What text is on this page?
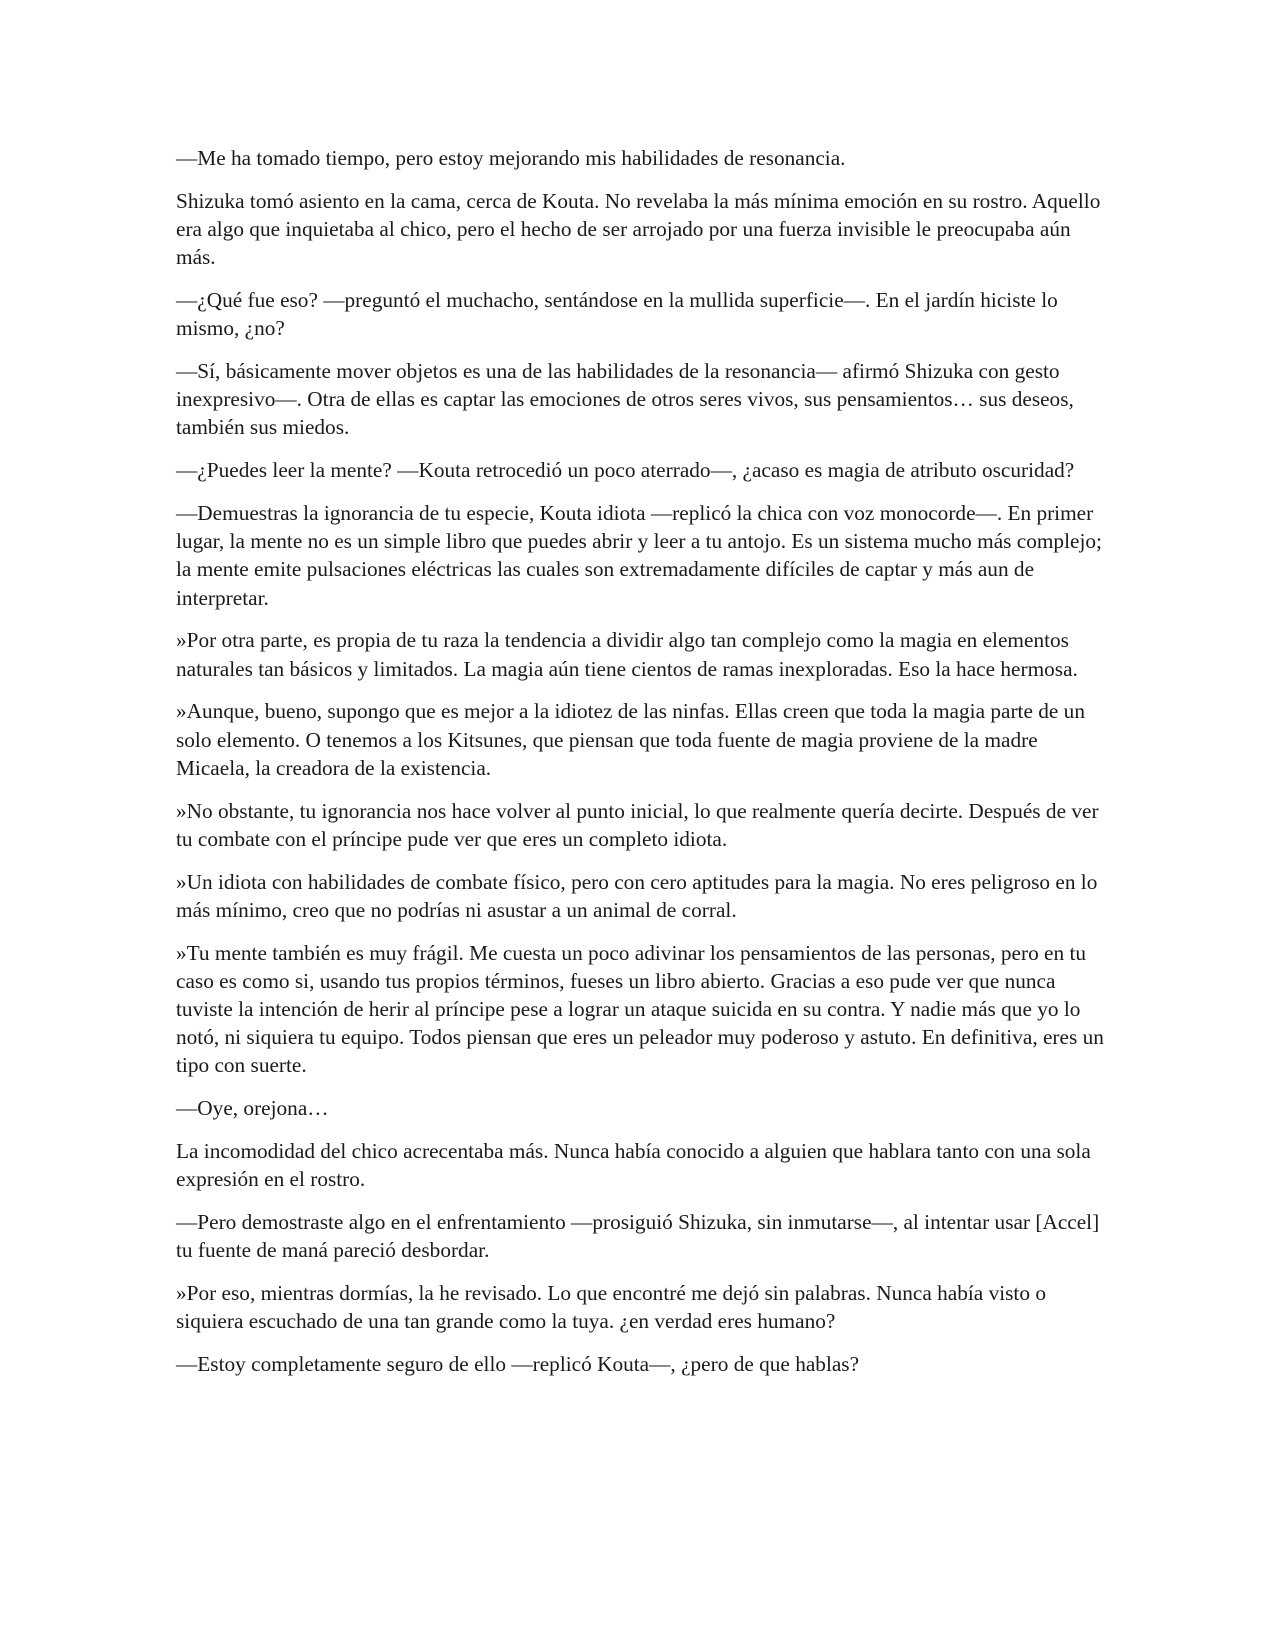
—Me ha tomado tiempo, pero estoy mejorando mis habilidades de resonancia.

Shizuka tomó asiento en la cama, cerca de Kouta. No revelaba la más mínima emoción en su rostro. Aquello era algo que inquietaba al chico, pero el hecho de ser arrojado por una fuerza invisible le preocupaba aún más.

—¿Qué fue eso? —preguntó el muchacho, sentándose en la mullida superficie—. En el jardín hiciste lo mismo, ¿no?

—Sí, básicamente mover objetos es una de las habilidades de la resonancia— afirmó Shizuka con gesto inexpresivo—. Otra de ellas es captar las emociones de otros seres vivos, sus pensamientos… sus deseos, también sus miedos.

—¿Puedes leer la mente? —Kouta retrocedió un poco aterrado—, ¿acaso es magia de atributo oscuridad?

—Demuestras la ignorancia de tu especie, Kouta idiota —replicó la chica con voz monocorde—. En primer lugar, la mente no es un simple libro que puedes abrir y leer a tu antojo. Es un sistema mucho más complejo; la mente emite pulsaciones eléctricas las cuales son extremadamente difíciles de captar y más aun de interpretar.

»Por otra parte, es propia de tu raza la tendencia a dividir algo tan complejo como la magia en elementos naturales tan básicos y limitados. La magia aún tiene cientos de ramas inexploradas. Eso la hace hermosa.

»Aunque, bueno, supongo que es mejor a la idiotez de las ninfas. Ellas creen que toda la magia parte de un solo elemento. O tenemos a los Kitsunes, que piensan que toda fuente de magia proviene de la madre Micaela, la creadora de la existencia.

»No obstante, tu ignorancia nos hace volver al punto inicial, lo que realmente quería decirte. Después de ver tu combate con el príncipe pude ver que eres un completo idiota.

»Un idiota con habilidades de combate físico, pero con cero aptitudes para la magia. No eres peligroso en lo más mínimo, creo que no podrías ni asustar a un animal de corral.

»Tu mente también es muy frágil. Me cuesta un poco adivinar los pensamientos de las personas, pero en tu caso es como si, usando tus propios términos, fueses un libro abierto. Gracias a eso pude ver que nunca tuviste la intención de herir al príncipe pese a lograr un ataque suicida en su contra. Y nadie más que yo lo notó, ni siquiera tu equipo. Todos piensan que eres un peleador muy poderoso y astuto. En definitiva, eres un tipo con suerte.

—Oye, orejona…

La incomodidad del chico acrecentaba más. Nunca había conocido a alguien que hablara tanto con una sola expresión en el rostro.

—Pero demostraste algo en el enfrentamiento —prosiguió Shizuka, sin inmutarse—, al intentar usar [Accel] tu fuente de maná pareció desbordar.

»Por eso, mientras dormías, la he revisado. Lo que encontré me dejó sin palabras. Nunca había visto o siquiera escuchado de una tan grande como la tuya. ¿en verdad eres humano?

—Estoy completamente seguro de ello —replicó Kouta—, ¿pero de que hablas?
